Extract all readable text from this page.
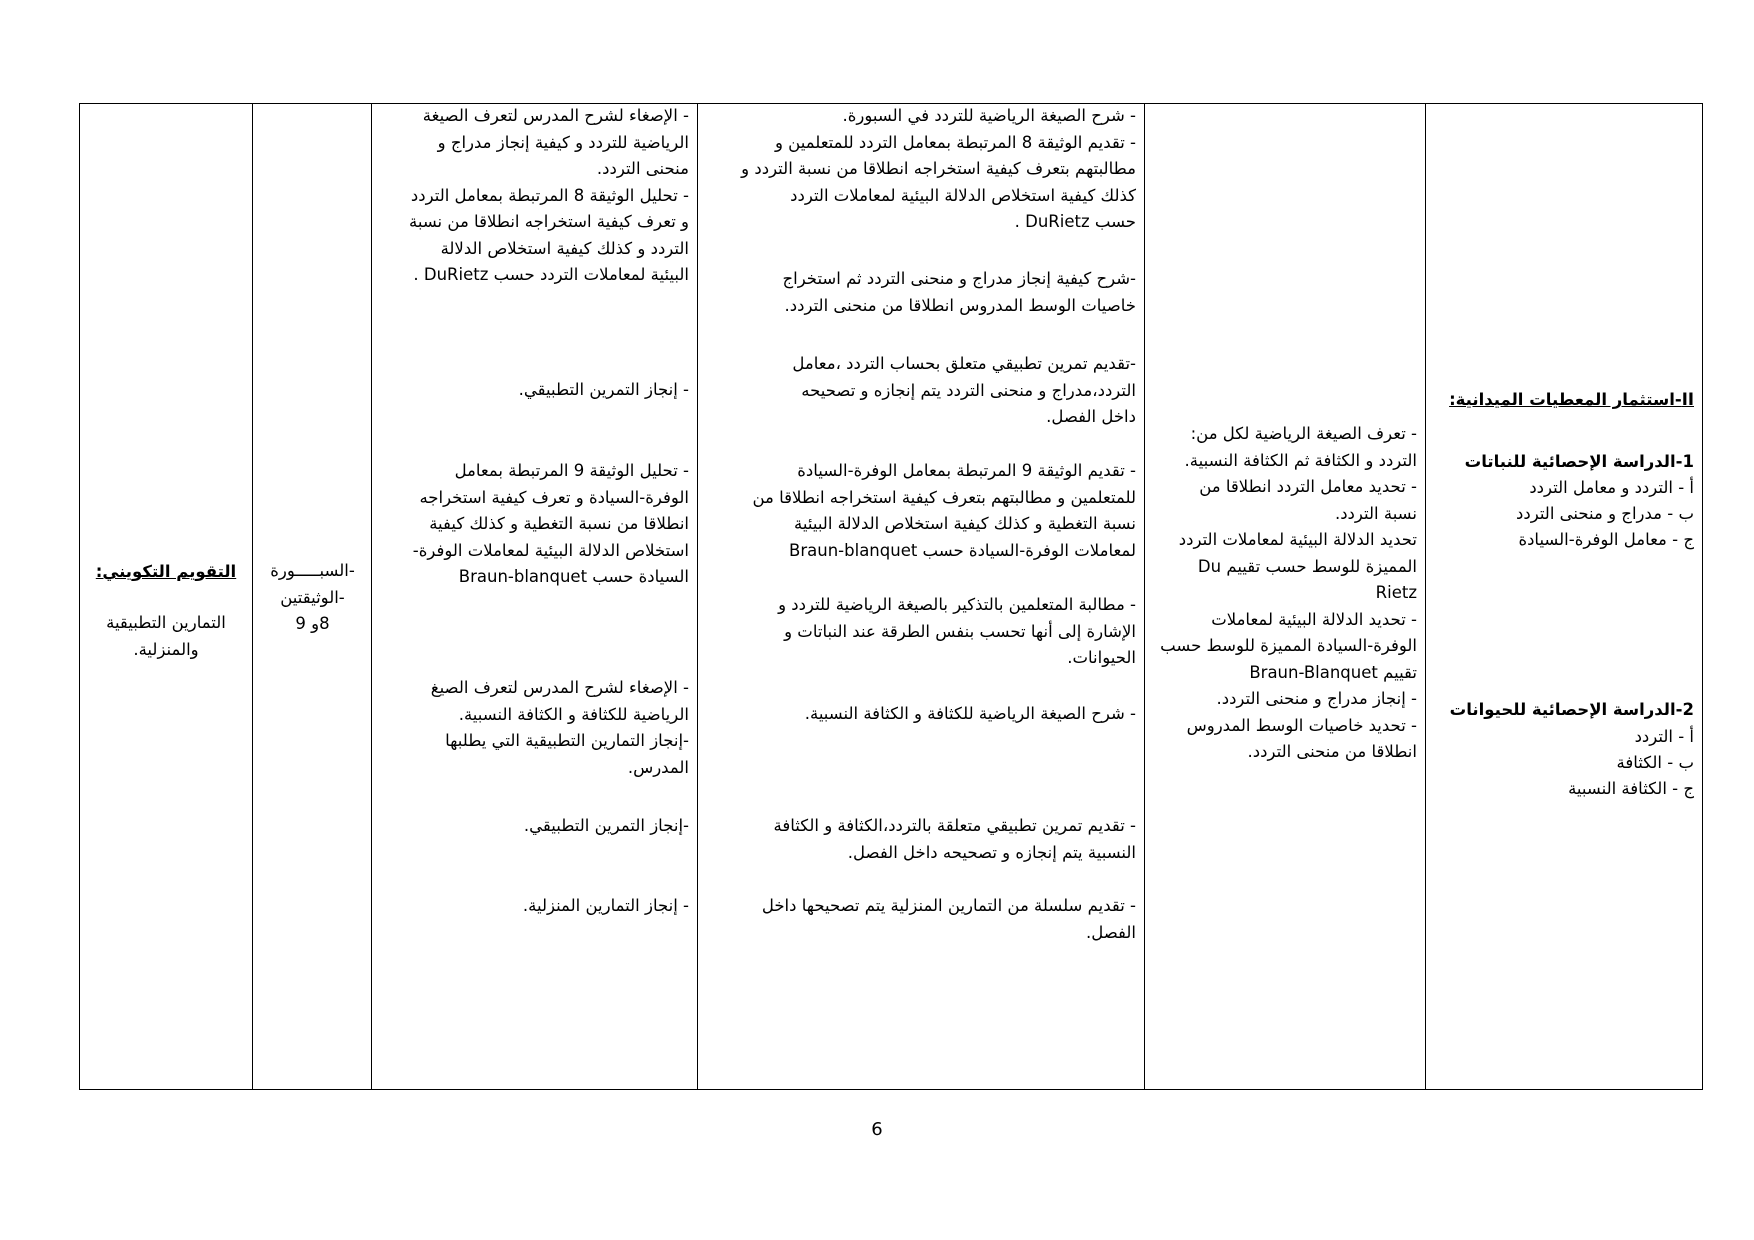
II-استثمار المعطيات الميدانية:
1-الدراسة الإحصائية للنباتات
أ - التردد و معامل التردد
ب - مدراج و منحنى التردد
ج - معامل الوفرة-السيادة
2-الدراسة الإحصائية للحيوانات
أ - التردد
ب - الكثافة
ج - الكثافة النسبية
- تعرف الصيغة الرياضية لكل من:
التردد و الكثافة ثم الكثافة النسبية.
- تحديد معامل التردد انطلاقا من
نسبة التردد.
تحديد الدلالة البيئية لمعاملات التردد
المميزة للوسط حسب تقييم Du
Rietz
- تحديد الدلالة البيئية لمعاملات
الوفرة-السيادة المميزة للوسط حسب
تقييم Braun-Blanquet
- إنجاز مدراج و منحنى التردد.
- تحديد خاصيات الوسط المدروس
انطلاقا من منحنى التردد.
- شرح الصيغة الرياضية للتردد في السبورة.
- تقديم الوثيقة 8 المرتبطة بمعامل التردد للمتعلمين و
مطالبتهم بتعرف كيفية استخراجه انطلاقا من نسبة التردد و
كذلك كيفية استخلاص الدلالة البيئية لمعاملات التردد
حسب DuRietz .
-شرح كيفية إنجاز مدراج و منحنى التردد ثم استخراج
خاصيات الوسط المدروس انطلاقا من منحنى التردد.
-تقديم تمرين تطبيقي متعلق بحساب التردد ،معامل
التردد،مدراج و منحنى التردد يتم إنجازه و تصحيحه
داخل الفصل.
- تقديم الوثيقة 9 المرتبطة بمعامل الوفرة-السيادة
للمتعلمين و مطالبتهم بتعرف كيفية استخراجه انطلاقا من
نسبة التغطية و كذلك كيفية استخلاص الدلالة البيئية
لمعاملات الوفرة-السيادة حسب Braun-blanquet
- مطالبة المتعلمين بالتذكير بالصيغة الرياضية للتردد و
الإشارة إلى أنها تحسب بنفس الطرقة عند النباتات و
الحيوانات.
- شرح الصيغة الرياضية للكثافة و الكثافة النسبية.
- تقديم تمرين تطبيقي متعلقة بالتردد،الكثافة و الكثافة
النسبية يتم إنجازه و تصحيحه داخل الفصل.
- تقديم سلسلة من التمارين المنزلية يتم تصحيحها داخل
الفصل.
- الإصغاء لشرح المدرس لتعرف الصيغة
الرياضية للتردد و كيفية إنجاز مدراج و
منحنى التردد.
- تحليل الوثيقة 8 المرتبطة بمعامل التردد
و تعرف كيفية استخراجه انطلاقا من نسبة
التردد و كذلك كيفية استخلاص الدلالة
البيئية لمعاملات التردد حسب DuRietz .
- إنجاز التمرين التطبيقي.
- تحليل الوثيقة 9 المرتبطة بمعامل
الوفرة-السيادة و تعرف كيفية استخراجه
انطلاقا من نسبة التغطية و كذلك كيفية
استخلاص الدلالة البيئية لمعاملات الوفرة-
السيادة حسب Braun-blanquet
- الإصغاء لشرح المدرس لتعرف الصيغ
الرياضية للكثافة و الكثافة النسبية.
-إنجاز التمارين التطبيقية التي يطلبها
المدرس.
-إنجاز التمرين التطبيقي.
- إنجاز التمارين المنزلية.
-السبـــــورة
-الوثيقتين
8و 9
التقويم التكويني:
التمارين التطبيقية
والمنزلية.
6
